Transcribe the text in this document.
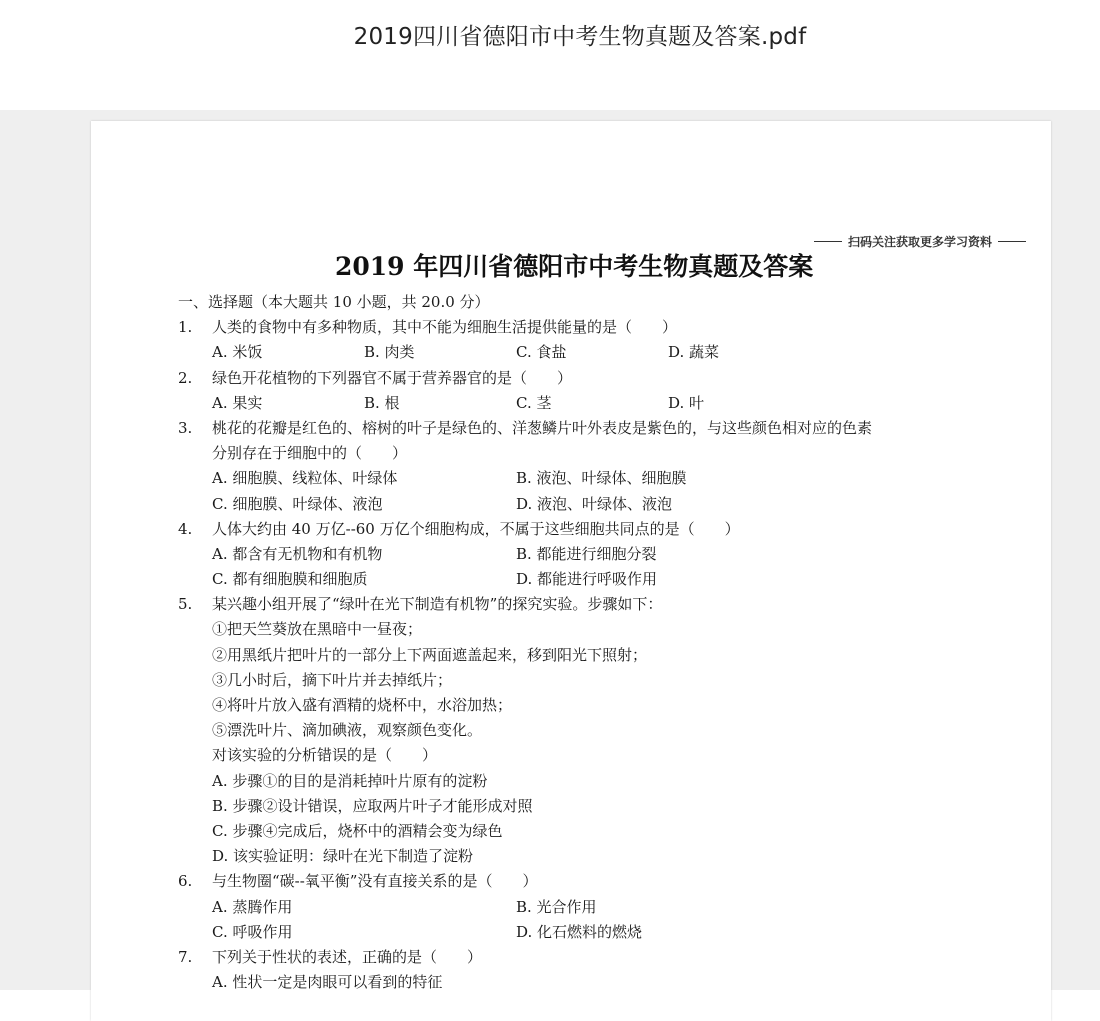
2019四川省德阳市中考生物真题及答案.pdf
扫码关注获取更多学习资料
2019 年四川省德阳市中考生物真题及答案
一、选择题（本大题共 10 小题，共 20.0 分）
1. 人类的食物中有多种物质，其中不能为细胞生活提供能量的是（　　）
A. 米饭	B. 肉类	C. 食盐	D. 蔬菜
2. 绿色开花植物的下列器官不属于营养器官的是（　　）
A. 果实	B. 根	C. 茎	D. 叶
3. 桃花的花瓣是红色的、榕树的叶子是绿色的、洋葱鳞片叶外表皮是紫色的，与这些颜色相对应的色素
分别存在于细胞中的（　　）
A. 细胞膜、线粒体、叶绿体	B. 液泡、叶绿体、细胞膜
C. 细胞膜、叶绿体、液泡	D. 液泡、叶绿体、液泡
4. 人体大约由 40 万亿--60 万亿个细胞构成，不属于这些细胞共同点的是（　　）
A. 都含有无机物和有机物	B. 都能进行细胞分裂
C. 都有细胞膜和细胞质	D. 都能进行呼吸作用
5. 某兴趣小组开展了“绿叶在光下制造有机物”的探究实验。步骤如下：
①把天竺葵放在黑暗中一昼夜；
②用黑纸片把叶片的一部分上下两面遮盖起来，移到阳光下照射；
③几小时后，摘下叶片并去掉纸片；
④将叶片放入盛有酒精的烧杯中，水浴加热；
⑤漂洗叶片、滴加碘液，观察颜色变化。
对该实验的分析错误的是（　　）
A. 步骤①的目的是消耗掉叶片原有的淀粉
B. 步骤②设计错误，应取两片叶子才能形成对照
C. 步骤④完成后，烧杯中的酒精会变为绿色
D. 该实验证明：绿叶在光下制造了淀粉
6. 与生物圈“碳--氧平衡”没有直接关系的是（　　）
A. 蒸腾作用	B. 光合作用
C. 呼吸作用	D. 化石燃料的燃烧
7. 下列关于性状的表述，正确的是（　　）
A. 性状一定是肉眼可以看到的特征
